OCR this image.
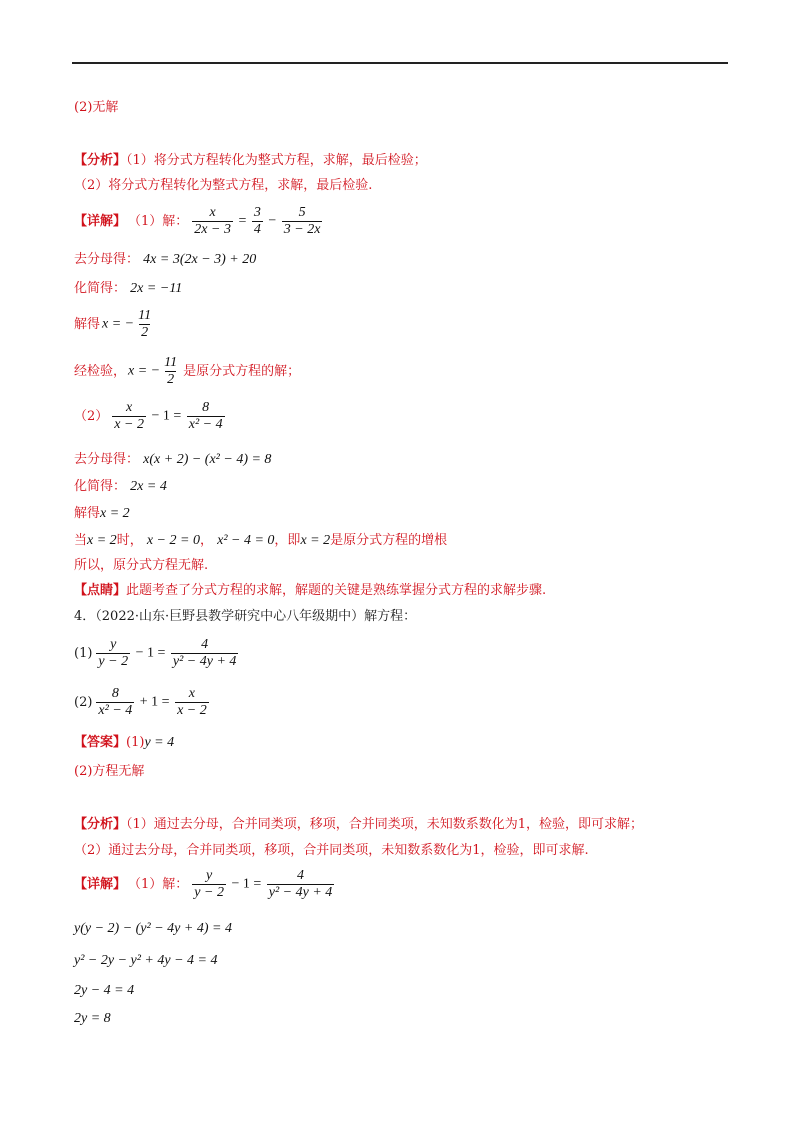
(2)无解
【分析】（1）将分式方程转化为整式方程，求解，最后检验；
（2）将分式方程转化为整式方程，求解，最后检验.
【详解】 （1）解： $\frac{x}{2x - 3} = \frac{3}{4} - \frac{5}{3 - 2x}$
去分母得： 4x = 3(2x − 3) + 20
化简得： 2x = −11
解得 x = − $\frac{11}{2}$
经检验， x = − $\frac{11}{2}$ 是原分式方程的解；
$(2) \frac{x}{x - 2} - 1 = \frac{8}{\text{x² − 4}}$
去分母得： x(x + 2) − (x² − 4) = 8
化简得： 2x = 4
解得x = 2
当x = 2时， x − 2 = 0， x² − 4 = 0，即x = 2是原分式方程的增根
所以，原分式方程无解.
【点睛】此题考查了分式方程的求解，解题的关键是熟练掌握分式方程的求解步骤.
4．（2022·山东·巨野县教学研究中心八年级期中）解方程：
$(1) \frac{y}{y - 2} - 1 = \frac{4}{\text{y² − 4y + 4}}$
$(2) \frac{8}{\text{x² − 4}} + 1 = \frac{x}{x - 2}$
【答案】(1)y = 4
(2)方程无解
【分析】（1）通过去分母，合并同类项，移项，合并同类项，未知数系数化为1，检验，即可求解；
（2）通过去分母，合并同类项，移项，合并同类项，未知数系数化为1，检验，即可求解.
【详解】 （1）解： $\frac{y}{y - 2} - 1 = \frac{4}{\text{y² − 4y + 4}}$
y(y − 2) − (y² − 4y + 4) = 4
y² − 2y − y² + 4y − 4 = 4
2y − 4 = 4
2y = 8
